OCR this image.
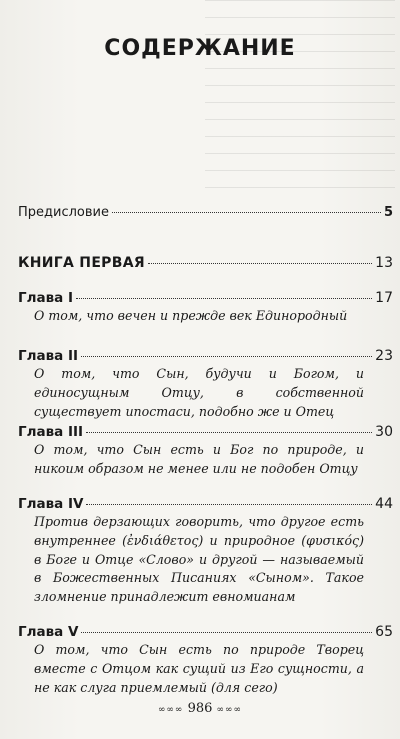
СОДЕРЖАНИЕ
Предисловие	5
КНИГА ПЕРВАЯ	13
Глава I	17
О том, что вечен и прежде век Единородный
Глава II	23
О том, что Сын, будучи и Богом, и единосущным Отцу, в собственной существует ипостаси, подобно же и Отец
Глава III	30
О том, что Сын есть и Бог по природе, и никоим образом не менее или не подобен Отцу
Глава IV	44
Против дерзающих говорить, что другое есть внутреннее (ἐνδιάθετος) и природное (φυσικός) в Боге и Отце «Слово» и другой — называемый в Божественных Писаниях «Сыном». Такое зломнение принадлежит евномианам
Глава V	65
О том, что Сын есть по природе Творец вместе с Отцом как сущий из Его сущности, а не как слуга приемлемый (для сего)
∞∞∞ 986 ∞∞∞
